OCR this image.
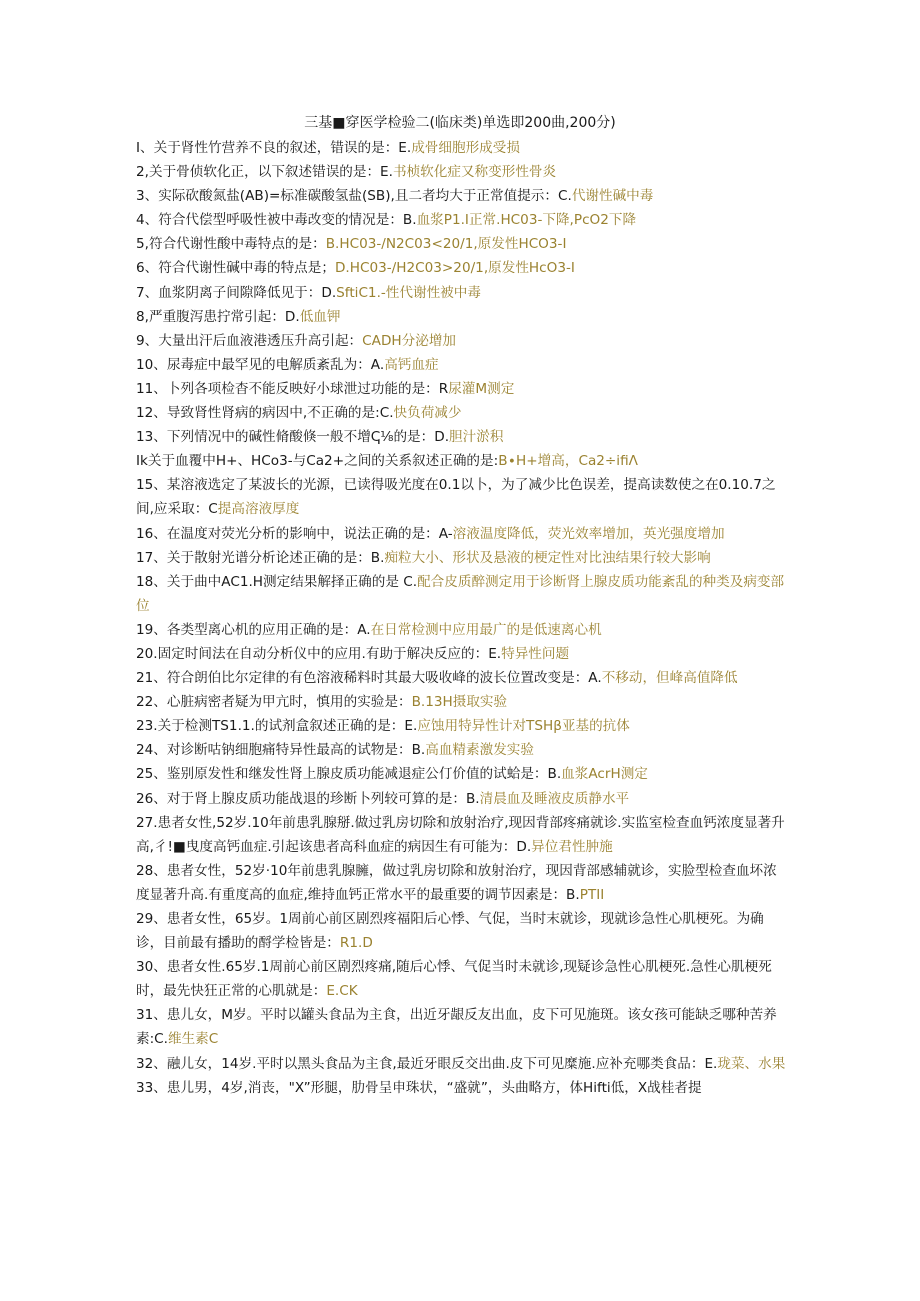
三基■穿医学检验二(临床类)单选即200曲,200分)

I、关于肾性竹营养不良的叙述，错误的是：E.成骨细胞形成受损

2,关于骨侦软化正，以下叙述错误的是：E.书桢软化症又称变形性骨炎

3、实际砍酸氮盐(AB)=标准碳酸氢盐(SB),且二者均大于正常值提示：C.代谢性碱中毒

4、符合代偿型呼吸性被中毒改变的情况是：B.血浆P1.I正常.HC03-下降,PcO2下降

5,符合代谢性酸中毒特点的是：B.HC03-/N2C03<20/1,原发性HCO3-I

6、符合代谢性碱中毒的特点是；D.HC03-∕H2C03>20∕1,原发性HcO3-I

7、血浆阴离子间隙降低见于：D.SftiC1.-性代谢性被中毒

8,严重腹泻患拧常引起：D.低血钾

9、大量出汗后血液港透压升高引起：CADH分泌增加

10、尿毒症中最罕见的电解质紊乱为：A.高钙血症

11、卜列各项检杳不能反映好小球泄过功能的是：R尿灌M测定

12、导致肾性肾病的病因中,不正确的是:C.快负荷减少

13、下列情况中的碱性脩酸倏一般不增ↅ⅛的是：D.胆汁淤积

Ik关于血覆中H+、HCo3-与Ca2+之间的关系叙述正确的是:B∙H+增高，Ca2÷ifiΛ

15、某溶液选定了某波长的光源，已读得吸光度在0.1以卜，为了减少比色误差，提高读数使之在0.10.7之间,应采取：C提高溶液厚度

16、在温度对荧光分析的影响中，说法正确的是：A-溶液温度降低，荧光效率增加，英光强度增加

17、关于散射光谱分析论述正确的是：B.痴粒大小、形状及悬液的梗定性对比浊结果行较大影响

18、关于曲中AC1.H测定结果解择正确的是 C.配合皮质醉测定用于诊断肾上腺皮质功能紊乱的种类及病变部位

19、各类型离心机的应用正确的是：A.在日常检测中应用最广的是低速离心机

20.固定时间法在自动分析仪中的应用.有助于解决反应的：E.特异性问题

21、符合朗伯比尔定律的有色溶液稀料时其最大吸收峰的波长位置改变是：A.不移动，但峰高值降低

22、心脏病密者疑为甲亢时，慎用的实验是：B.13H摄取实验

23.关于检测TS1.1.的试剂盒叙述正确的是：E.应蚀用特异性计对TSHβ亚基的抗体

24、对诊断咕钠细胞痛特异性最高的试物是：B.高血精素激发实验

25、鉴别原发性和继发性肾上腺皮质功能减退症公仃价值的试蛤是：B.血浆AcrH测定

26、对于肾上腺皮质功能战退的珍断卜列较可算的是：B.清晨血及睡液皮质静水平

27.患者女性,52岁.10年前患乳腺掰.做过乳房切除和放射治疗,现因背部疼痛就诊.实监室检查血钙浓度显著升高,彳!■曳度高钙血症.引起该患者高科血症的病因生有可能为：D.异位君性肿施

28、患者女性，52岁·10年前患乳腺臃，做过乳房切除和放射治疗，现因背部感辅就诊，实脸型检查血坏浓度显著升高.有重度高的血症,维持血钙正常水平的最重要的调节因素是：B.PTII

29、患者女性，65岁。1周前心前区剧烈疼福阳后心悸、气促，当时末就诊，现就诊急性心肌梗死。为确诊，目前最有播助的酹学检皆是：R1.D

30、患者女性.65岁.1周前心前区剧烈疼痛,随后心悸、气促当时未就诊,现疑诊急性心肌梗死.急性心肌梗死时，最先快狂正常的心肌就是：E.CK

31、患儿女，M岁。平时以罐头食品为主食，出近牙龈反友出血，皮下可见施斑。该女孩可能缺乏哪种苦养素:C.维生素C

32、融儿女，14岁.平时以黑头食品为主食,最近牙眼反交出曲.皮下可见糜施.应补充哪类食品：E.珑菜、水果

33、患儿男，4岁,消丧，"X”形腿，肋骨呈申珠状，“盛就”，头曲略方，体Hifti低，X战桂者提
